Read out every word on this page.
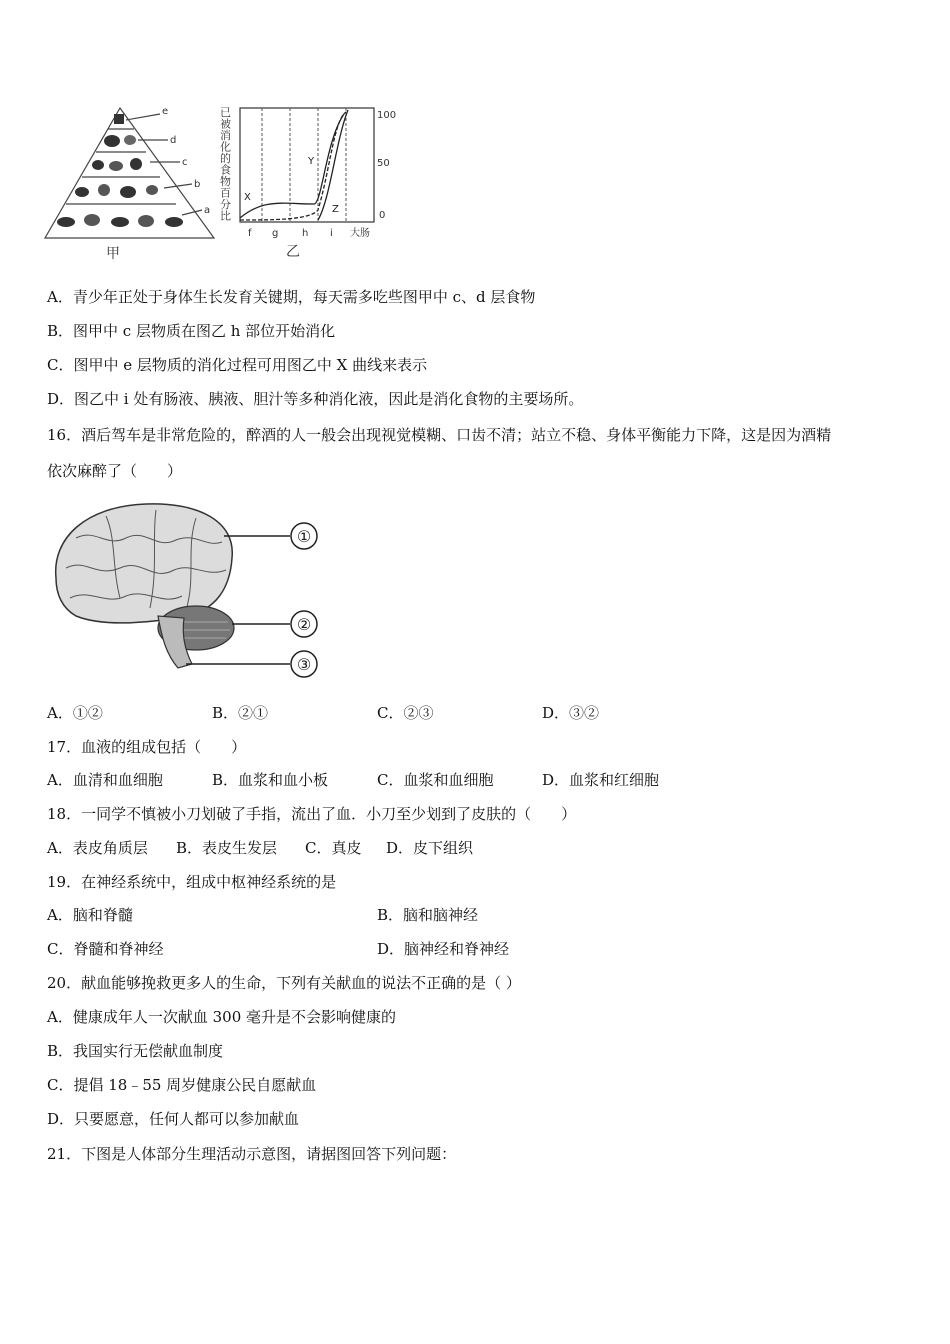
e
d
c
b
a
甲
已被消化的食物百分比
X
Y
Z
100
50
0
f g h i 大肠
乙
A．青少年正处于身体生长发育关键期，每天需多吃些图甲中 c、d 层食物
B．图甲中 c 层物质在图乙 h 部位开始消化
C．图甲中 e 层物质的消化过程可用图乙中 X 曲线来表示
D．图乙中 i 处有肠液、胰液、胆汁等多种消化液，因此是消化食物的主要场所。
16．酒后驾车是非常危险的，醉酒的人一般会出现视觉模糊、口齿不清；站立不稳、身体平衡能力下降，这是因为酒精
依次麻醉了（　　）
①
②
③
A．①②	B．②①	C．②③	D．③②
17．血液的组成包括（　　）
A．血清和血细胞	B．血浆和血小板	C．血浆和血细胞	D．血浆和红细胞
18．一同学不慎被小刀划破了手指，流出了血．小刀至少划到了皮肤的（　　）
A．表皮角质层 B．表皮生发层 C．真皮 D．皮下组织
19．在神经系统中，组成中枢神经系统的是
A．脑和脊髓	B．脑和脑神经
C．脊髓和脊神经	D．脑神经和脊神经
20．献血能够挽救更多人的生命，下列有关献血的说法不正确的是（ ）
A．健康成年人一次献血 300 毫升是不会影响健康的
B．我国实行无偿献血制度
C．提倡 18﹣55 周岁健康公民自愿献血
D．只要愿意，任何人都可以参加献血
21．下图是人体部分生理活动示意图，请据图回答下列问题：
